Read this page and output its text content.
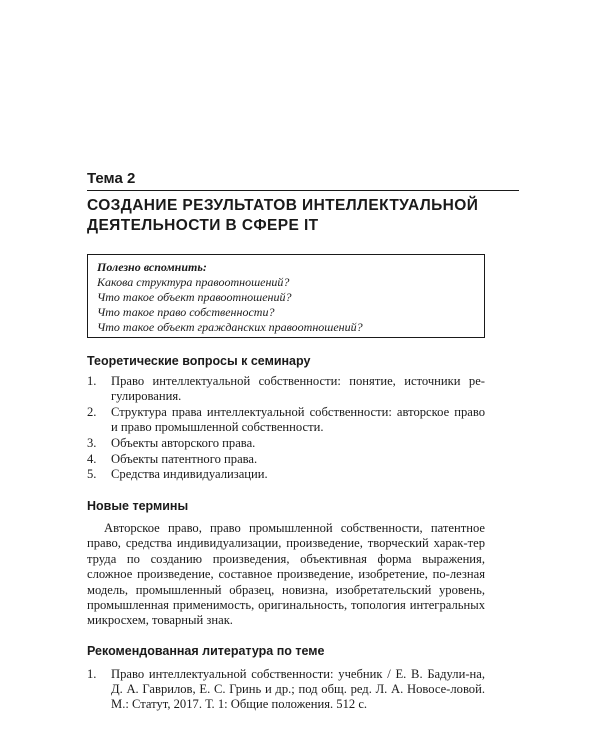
Тема 2
СОЗДАНИЕ РЕЗУЛЬТАТОВ ИНТЕЛЛЕКТУАЛЬНОЙ
ДЕЯТЕЛЬНОСТИ В СФЕРЕ IT
Полезно вспомнить:
Какова структура правоотношений?
Что такое объект правоотношений?
Что такое право собственности?
Что такое объект гражданских правоотношений?
Теоретические вопросы к семинару
1. Право интеллектуальной собственности: понятие, источники ре-гулирования.
2. Структура права интеллектуальной собственности: авторское право и право промышленной собственности.
3. Объекты авторского права.
4. Объекты патентного права.
5. Средства индивидуализации.
Новые термины

Авторское право, право промышленной собственности, патентное право, средства индивидуализации, произведение, творческий харак-тер труда по созданию произведения, объективная форма выражения, сложное произведение, составное произведение, изобретение, по-лезная модель, промышленный образец, новизна, изобретательский уровень, промышленная применимость, оригинальность, топология интегральных микросхем, товарный знак.

Рекомендованная литература по теме
1. Право интеллектуальной собственности: учебник / Е. В. Бадули-на, Д. А. Гаврилов, Е. С. Гринь и др.; под общ. ред. Л. А. Новосе-ловой. М.: Статут, 2017. Т. 1: Общие положения. 512 с.
